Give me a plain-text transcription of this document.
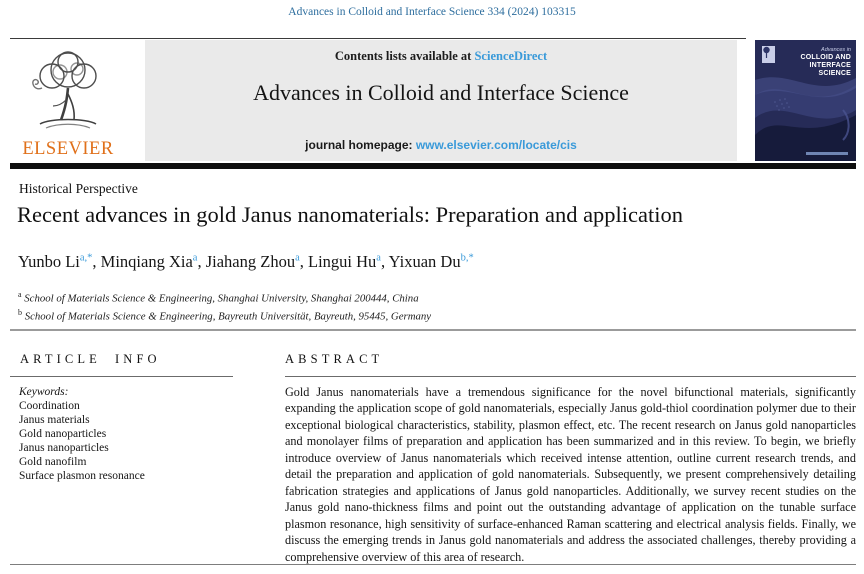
Advances in Colloid and Interface Science 334 (2024) 103315
ELSEVIER
Contents lists available at ScienceDirect
Advances in Colloid and Interface Science
journal homepage: www.elsevier.com/locate/cis
Advances in
COLLOID AND
INTERFACE
SCIENCE
Historical Perspective
Recent advances in gold Janus nanomaterials: Preparation and application
Yunbo $Li^{a,*}$, Minqiang Xia$^a$, Jiahang Zhou$^a$, Lingui Hu$^a$, Yixuan $Du^{b,*}$
$^a$ School of Materials Science & Engineering, Shanghai University, Shanghai 200444, China
$^b$ School of Materials Science & Engineering, Bayreuth Universität, Bayreuth, 95445, Germany
ARTICLE INFO	ABSTRACT
Keywords:
Coordination
Janus materials
Gold nanoparticles
Janus nanoparticles
Gold nanofilm
Surface plasmon resonance
Gold Janus nanomaterials have a tremendous significance for the novel bifunctional materials, significantly expanding the application scope of gold nanomaterials, especially Janus gold-thiol coordination polymer due to their exceptional biological characteristics, stability, plasmon effect, etc. The recent research on Janus gold nanoparticles and monolayer films of preparation and application has been summarized and in this review. To begin, we briefly introduce overview of Janus nanomaterials which received intense attention, outline current research trends, and detail the preparation and application of gold nanomaterials. Subsequently, we present comprehensively detailing fabrication strategies and applications of Janus gold nanoparticles. Additionally, we survey recent studies on the Janus gold nano-thickness films and point out the outstanding advantage of application on the tunable surface plasmon resonance, high sensitivity of surface-enhanced Raman scattering and electrical analysis fields. Finally, we discuss the emerging trends in Janus gold nanomaterials and address the associated challenges, thereby providing a comprehensive overview of this area of research.
